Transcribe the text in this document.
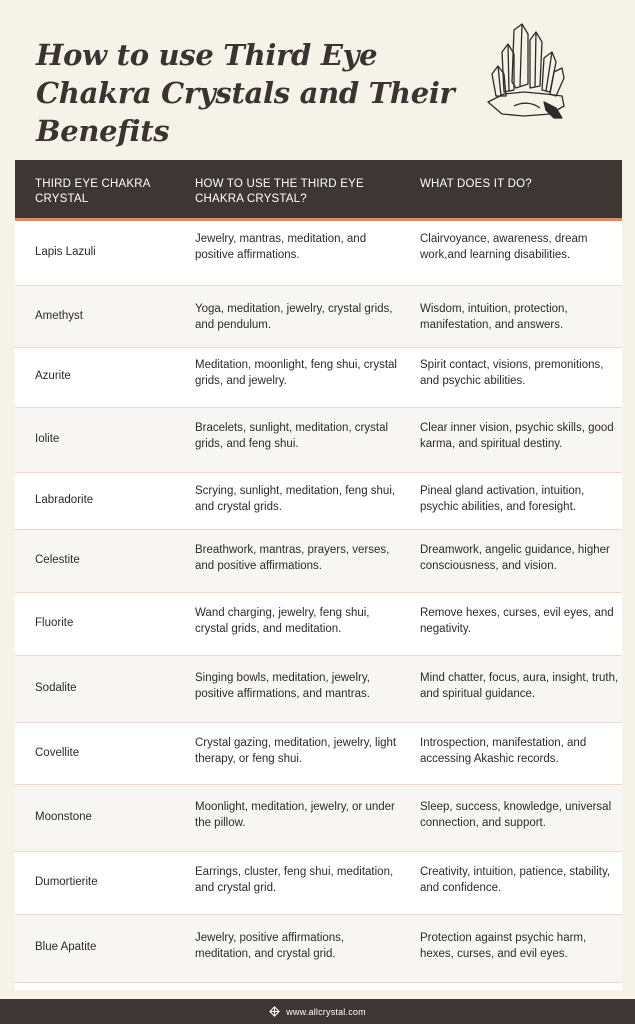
How to use Third Eye Chakra Crystals and Their Benefits
THIRD EYE CHAKRA CRYSTAL
HOW TO USE THE THIRD EYE CHAKRA CRYSTAL?
WHAT DOES IT DO?
Lapis Lazuli
Jewelry, mantras, meditation, and positive affirmations.
Clairvoyance, awareness, dream work,and learning disabilities.
Amethyst
Yoga, meditation, jewelry, crystal grids, and pendulum.
Wisdom, intuition, protection, manifestation, and answers.
Azurite
Meditation, moonlight, feng shui, crystal grids, and jewelry.
Spirit contact, visions, premonitions, and psychic abilities.
Iolite
Bracelets, sunlight, meditation, crystal grids, and feng shui.
Clear inner vision, psychic skills, good karma, and spiritual destiny.
Labradorite
Scrying, sunlight, meditation, feng shui, and crystal grids.
Pineal gland activation, intuition, psychic abilities, and foresight.
Celestite
Breathwork, mantras, prayers, verses, and positive affirmations.
Dreamwork, angelic guidance, higher consciousness, and vision.
Fluorite
Wand charging, jewelry, feng shui, crystal grids, and meditation.
Remove hexes, curses, evil eyes, and negativity.
Sodalite
Singing bowls, meditation, jewelry, positive affirmations, and mantras.
Mind chatter, focus, aura, insight, truth, and spiritual guidance.
Covellite
Crystal gazing, meditation, jewelry, light therapy, or feng shui.
Introspection, manifestation, and accessing Akashic records.
Moonstone
Moonlight, meditation, jewelry, or under the pillow.
Sleep, success, knowledge, universal connection, and support.
Dumortierite
Earrings, cluster, feng shui, meditation, and crystal grid.
Creativity, intuition, patience, stability, and confidence.
Blue Apatite
Jewelry, positive affirmations, meditation, and crystal grid.
Protection against psychic harm, hexes, curses, and evil eyes.
www.allcrystal.com
